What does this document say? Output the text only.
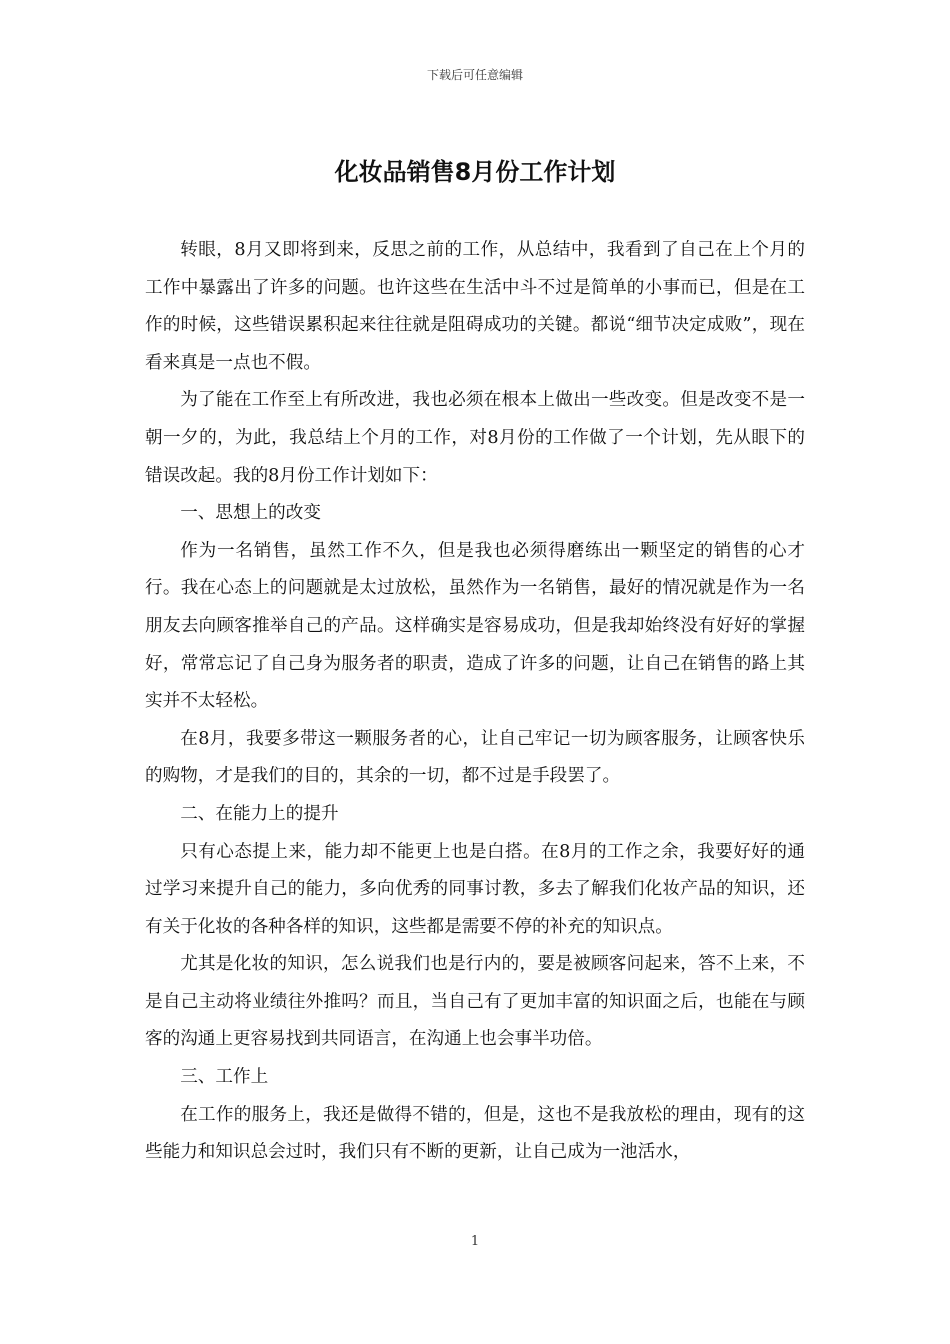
下载后可任意编辑
化妆品销售8月份工作计划

转眼，8月又即将到来，反思之前的工作，从总结中，我看到了自己在上个月的工作中暴露出了许多的问题。也许这些在生活中斗不过是简单的小事而已，但是在工作的时候，这些错误累积起来往往就是阻碍成功的关键。都说“细节决定成败”，现在看来真是一点也不假。

为了能在工作至上有所改进，我也必须在根本上做出一些改变。但是改变不是一朝一夕的，为此，我总结上个月的工作，对8月份的工作做了一个计划，先从眼下的错误改起。我的8月份工作计划如下：

一、思想上的改变

作为一名销售，虽然工作不久，但是我也必须得磨练出一颗坚定的销售的心才行。我在心态上的问题就是太过放松，虽然作为一名销售，最好的情况就是作为一名朋友去向顾客推举自己的产品。这样确实是容易成功，但是我却始终没有好好的掌握好，常常忘记了自己身为服务者的职责，造成了许多的问题，让自己在销售的路上其实并不太轻松。

在8月，我要多带这一颗服务者的心，让自己牢记一切为顾客服务，让顾客快乐的购物，才是我们的目的，其余的一切，都不过是手段罢了。

二、在能力上的提升

只有心态提上来，能力却不能更上也是白搭。在8月的工作之余，我要好好的通过学习来提升自己的能力，多向优秀的同事讨教，多去了解我们化妆产品的知识，还有关于化妆的各种各样的知识，这些都是需要不停的补充的知识点。

尤其是化妆的知识，怎么说我们也是行内的，要是被顾客问起来，答不上来，不是自己主动将业绩往外推吗？而且，当自己有了更加丰富的知识面之后，也能在与顾客的沟通上更容易找到共同语言，在沟通上也会事半功倍。

三、工作上

在工作的服务上，我还是做得不错的，但是，这也不是我放松的理由，现有的这些能力和知识总会过时，我们只有不断的更新，让自己成为一池活水，

1
